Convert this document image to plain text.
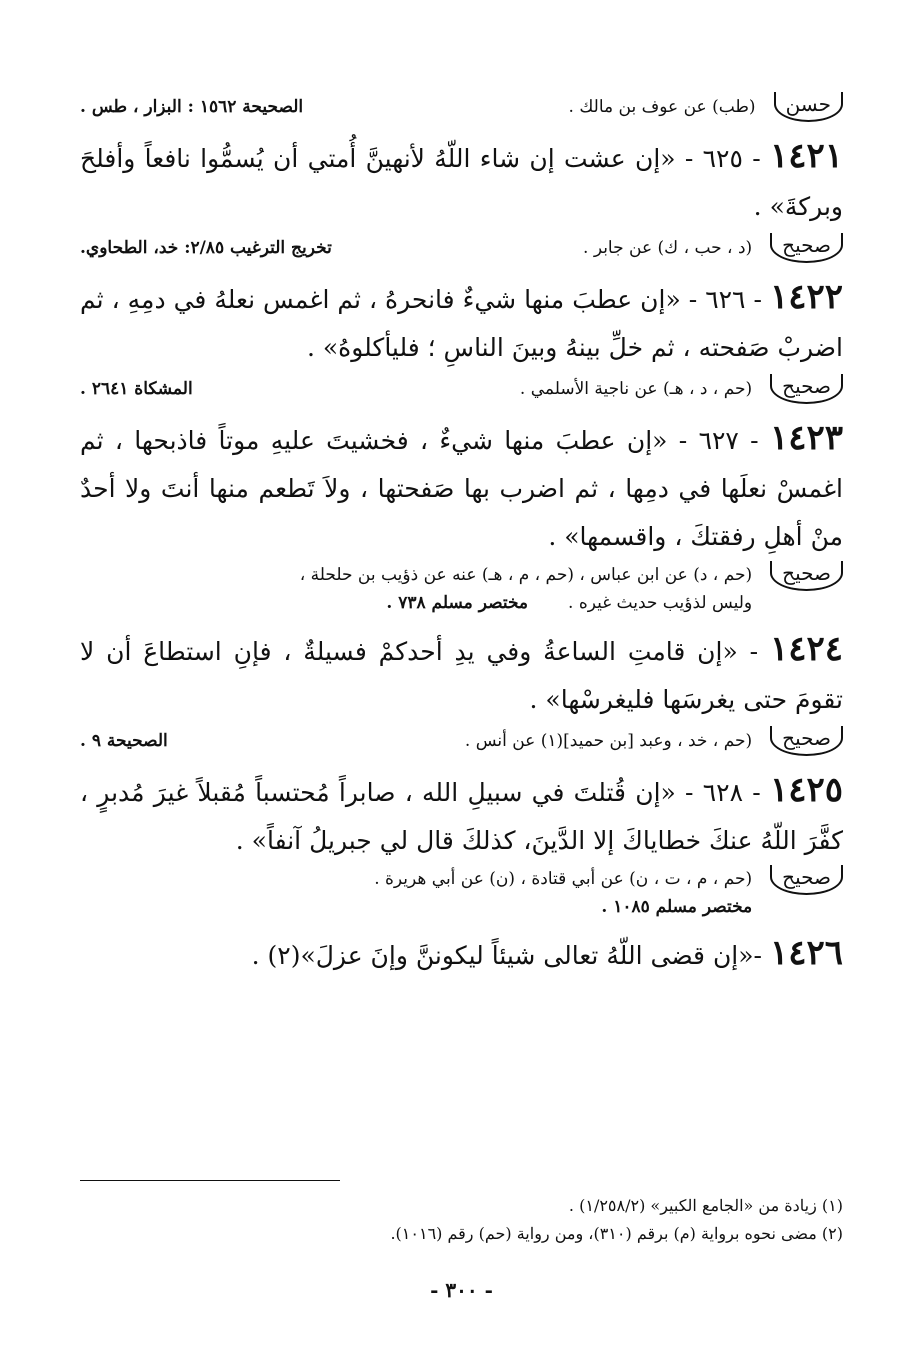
حسن
(طب) عن عوف بن مالك .
الصحيحة ١٥٦٢ : البزار ، طس .
١٤٢١ - ٦٢٥ - «إن عشت إن شاء اللّهُ لأنهينَّ أُمتي أن يُسمُّوا نافعاً وأفلحَ وبركةَ» .
صحيح
(د ، حب ، ك) عن جابر .
تخريج الترغيب ٢/٨٥: خد، الطحاوي.
١٤٢٢ - ٦٢٦ - «إن عطبَ منها شيءٌ فانحرهُ ، ثم اغمس نعلهُ في دمِهِ ، ثم اضربْ صَفحته ، ثم خلِّ بينهُ وبينَ الناسِ ؛ فليأكلوهُ» .
صحيح
(حم ، د ، هـ) عن ناجية الأسلمي .
المشكاة ٢٦٤١ .
١٤٢٣ - ٦٢٧ - «إن عطبَ منها شيءٌ ، فخشيتَ عليهِ موتاً فاذبحها ، ثم اغمسْ نعلَها في دمِها ، ثم اضرب بها صَفحتها ، ولاَ تَطعم منها أنتَ ولا أحدٌ منْ أهلِ رفقتكَ ، واقسمها» .
صحيح
(حم ، د) عن ابن عباس ، (حم ، م ، هـ) عنه عن ذؤيب بن حلحلة ،
وليس لذؤيب حديث غيره .
مختصر مسلم ٧٣٨ .
١٤٢٤ - «إن قامتِ الساعةُ وفي يدِ أحدكمْ فسيلةٌ ، فإنِ استطاعَ أن لا تقومَ حتى يغرسَها فليغرسْها» .
صحيح
(حم ، خد ، وعبد [بن حميد](١) عن أنس .
الصحيحة ٩ .
١٤٢٥ - ٦٢٨ - «إن قُتلتَ في سبيلِ الله ، صابراً مُحتسباً مُقبلاً غيرَ مُدبرٍ ، كفَّرَ اللّهُ عنكَ خطاياكَ إلا الدَّينَ، كذلكَ قال لي جبريلُ آنفاً» .
صحيح
(حم ، م ، ت ، ن) عن أبي قتادة ، (ن) عن أبي هريرة .
مختصر مسلم ١٠٨٥ .
١٤٢٦ -«إن قضى اللّهُ تعالى شيئاً ليكوننَّ وإنَ عزلَ»(٢) .
(١) زيادة من «الجامع الكبير» (١/٢٥٨/٢) .
(٢) مضى نحوه برواية (م) برقم (٣١٠)، ومن رواية (حم) رقم (١٠١٦).
- ٣٠٠ -
